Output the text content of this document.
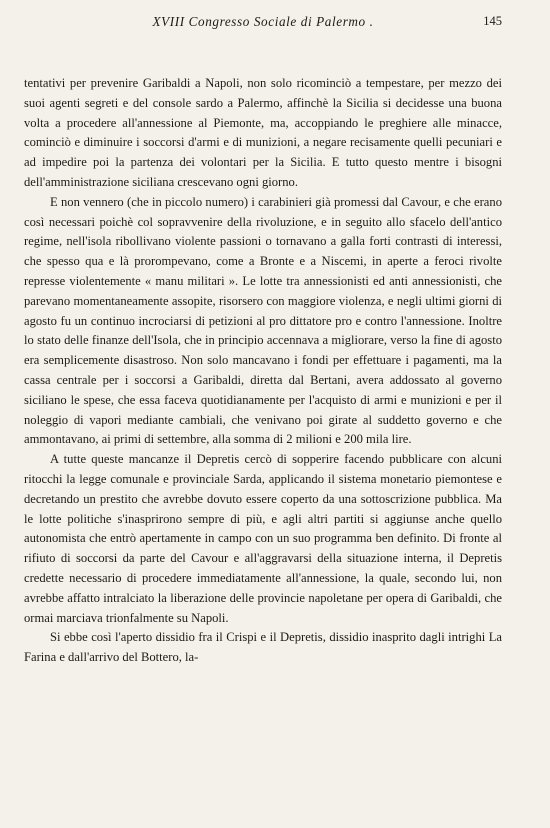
XVIII Congresso Sociale di Palermo .	145

tentativi per prevenire Garibaldi a Napoli, non solo ricominciò a tempestare, per mezzo dei suoi agenti segreti e del console sardo a Palermo, affinchè la Sicilia si decidesse una buona volta a procedere all'annessione al Piemonte, ma, accoppiando le preghiere alle minacce, cominciò e diminuire i soccorsi d'armi e di munizioni, a negare recisamente quelli pecuniari e ad impedire poi la partenza dei volontari per la Sicilia. E tutto questo mentre i bisogni dell'amministrazione siciliana crescevano ogni giorno.

E non vennero (che in piccolo numero) i carabinieri già promessi dal Cavour, e che erano così necessari poichè col sopravvenire della rivoluzione, e in seguito allo sfacelo dell'antico regime, nell'isola ribollivano violente passioni o tornavano a galla forti contrasti di interessi, che spesso qua e là prorompevano, come a Bronte e a Niscemi, in aperte a feroci rivolte represse violentemente « manu militari ». Le lotte tra annessionisti ed anti annessionisti, che parevano momentaneamente assopite, risorsero con maggiore violenza, e negli ultimi giorni di agosto fu un continuo incrociarsi di petizioni al pro dittatore pro e contro l'annessione. Inoltre lo stato delle finanze dell'Isola, che in principio accennava a migliorare, verso la fine di agosto era semplicemente disastroso. Non solo mancavano i fondi per effettuare i pagamenti, ma la cassa centrale per i soccorsi a Garibaldi, diretta dal Bertani, avera addossato al governo siciliano le spese, che essa faceva quotidianamente per l'acquisto di armi e munizioni e per il noleggio di vapori mediante cambiali, che venivano poi girate al suddetto governo e che ammontavano, ai primi di settembre, alla somma di 2 milioni e 200 mila lire.

A tutte queste mancanze il Depretis cercò di sopperire facendo pubblicare con alcuni ritocchi la legge comunale e provinciale Sarda, applicando il sistema monetario piemontese e decretando un prestito che avrebbe dovuto essere coperto da una sottoscrizione pubblica. Ma le lotte politiche s'inasprirono sempre di più, e agli altri partiti si aggiunse anche quello autonomista che entrò apertamente in campo con un suo programma ben definito. Di fronte al rifiuto di soccorsi da parte del Cavour e all'aggravarsi della situazione interna, il Depretis credette necessario di procedere immediatamente all'annessione, la quale, secondo lui, non avrebbe affatto intralciato la liberazione delle provincie napoletane per opera di Garibaldi, che ormai marciava trionfalmente su Napoli.

Si ebbe così l'aperto dissidio fra il Crispi e il Depretis, dissidio inasprito dagli intrighi La Farina e dall'arrivo del Bottero, la-
